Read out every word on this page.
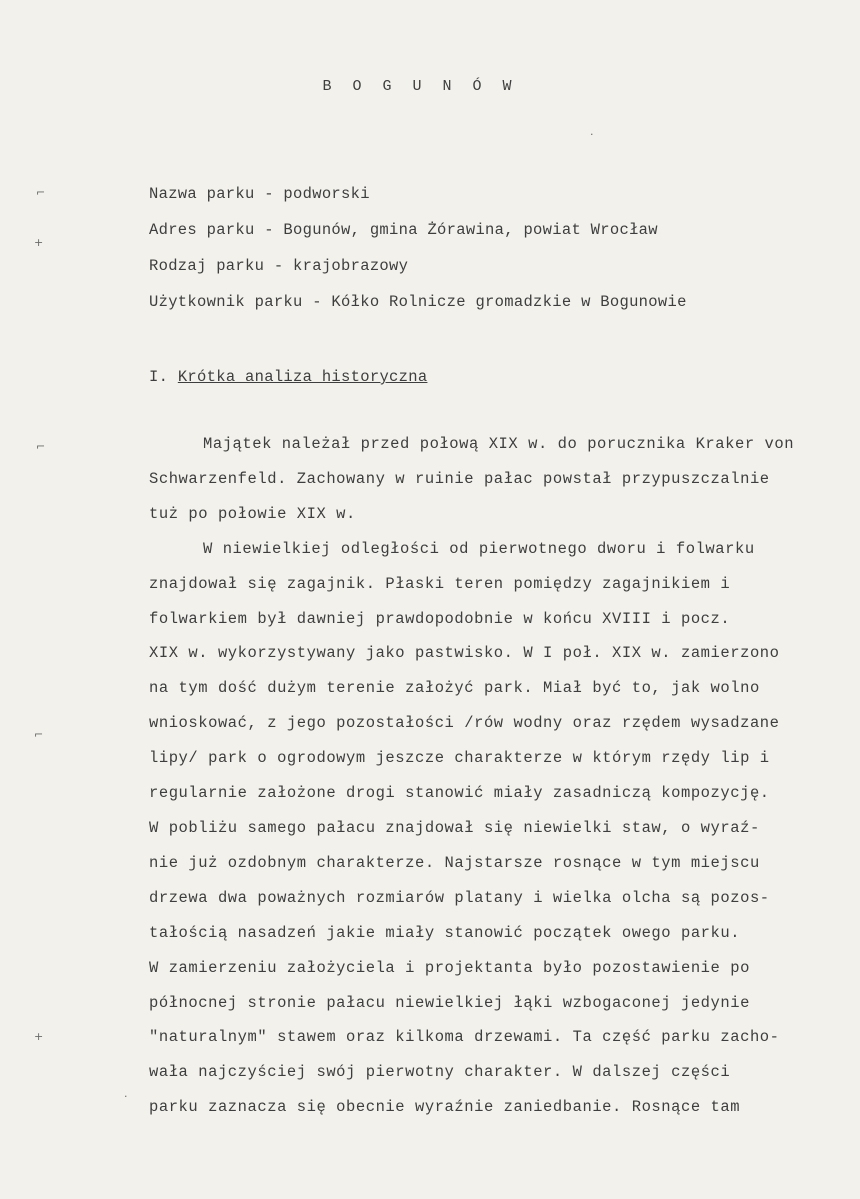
B O G U N Ó W
Nazwa parku - podworski
Adres parku - Bogunów, gmina Żórawina, powiat Wrocław
Rodzaj parku - krajobrazowy
Użytkownik parku - Kółko Rolnicze gromadzkie w Bogunowie
I. Krótka analiza historyczna
Majątek należał przed połową XIX w. do porucznika Kraker von
Schwarzenfeld. Zachowany w ruinie pałac powstał przypuszczalnie
tuż po połowie XIX w.
W niewielkiej odległości od pierwotnego dworu i folwarku
znajdował się zagajnik. Płaski teren pomiędzy zagajnikiem i
folwarkiem był dawniej prawdopodobnie w końcu XVIII i pocz.
XIX w. wykorzystywany jako pastwisko. W I poł. XIX w. zamierzono
na tym dość dużym terenie założyć park. Miał być to, jak wolno
wnioskować, z jego pozostałości /rów wodny oraz rzędem wysadzane
lipy/ park o ogrodowym jeszcze charakterze w którym rzędy lip i
regularnie założone drogi stanowić miały zasadniczą kompozycję.
W pobliżu samego pałacu znajdował się niewielki staw, o wyraź-
nie już ozdobnym charakterze. Najstarsze rosnące w tym miejscu
drzewa dwa poważnych rozmiarów platany i wielka olcha są pozos-
tałością nasadzeń jakie miały stanowić początek owego parku.
W zamierzeniu założyciela i projektanta było pozostawienie po
północnej stronie pałacu niewielkiej łąki wzbogaconej jedynie
"naturalnym" stawem oraz kilkoma drzewami. Ta część parku zacho-
wała najczyściej swój pierwotny charakter. W dalszej części
parku zaznacza się obecnie wyraźnie zaniedbanie. Rosnące tam
⌐
+
⌐
⌐
+
·
·
